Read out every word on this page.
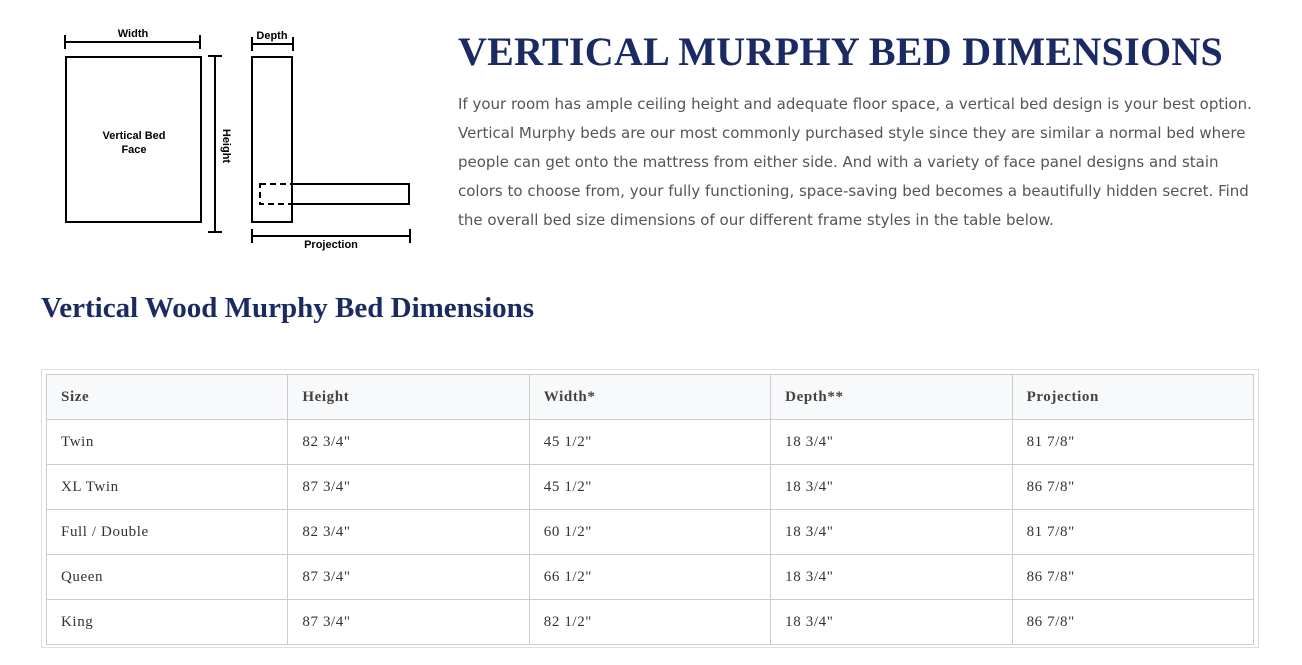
Width
Vertical Bed
Face	Height
Depth
Projection
VERTICAL MURPHY BED DIMENSIONS

If your room has ample ceiling height and adequate floor space, a vertical bed design is your best option. Vertical Murphy beds are our most commonly purchased style since they are similar a normal bed where people can get onto the mattress from either side. And with a variety of face panel designs and stain colors to choose from, your fully functioning, space-saving bed becomes a beautifully hidden secret. Find the overall bed size dimensions of our different frame styles in the table below.

Vertical Wood Murphy Bed Dimensions
Size	Height	Width*	Depth**	Projection
Twin	82 3/4"	45 1/2"	18 3/4"	81 7/8"
XL Twin	87 3/4"	45 1/2"	18 3/4"	86 7/8"
Full / Double	82 3/4"	60 1/2"	18 3/4"	81 7/8"
Queen	87 3/4"	66 1/2"	18 3/4"	86 7/8"
King	87 3/4"	82 1/2"	18 3/4"	86 7/8"
